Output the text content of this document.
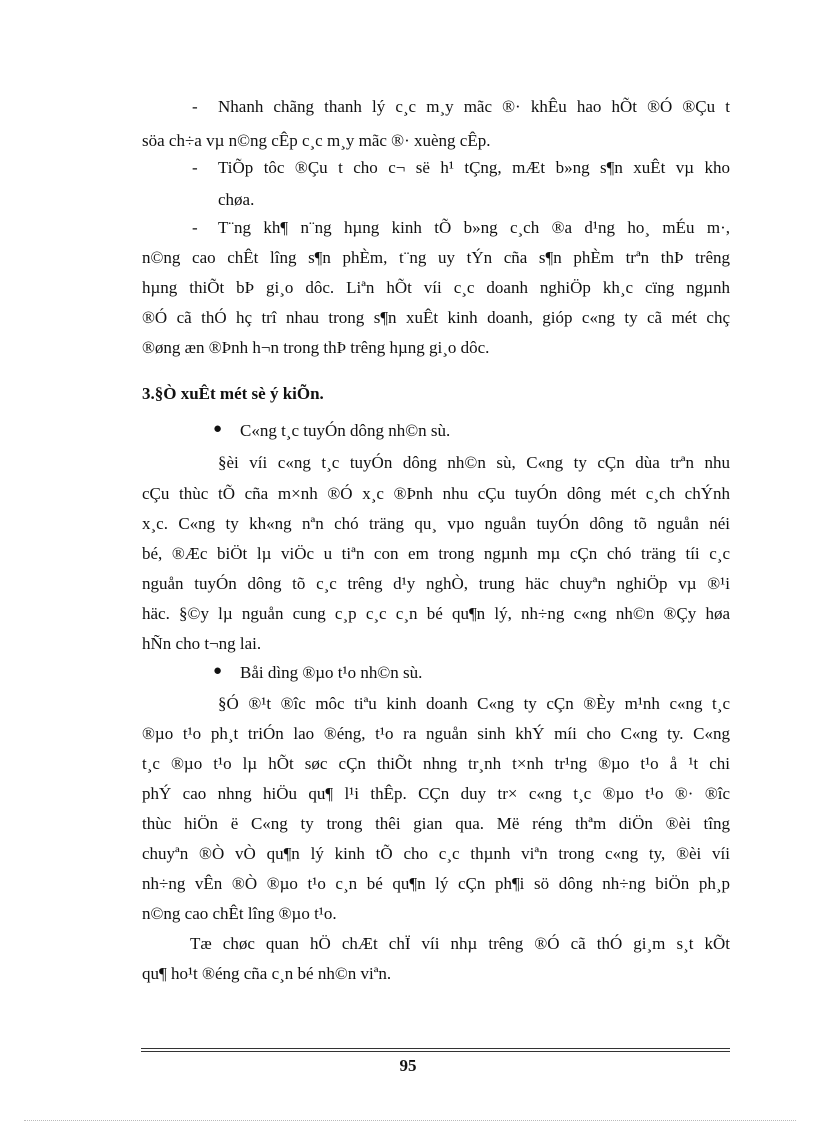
- Nhanh chãng thanh lý c¸c m¸y mãc ®· khÊu hao hÕt ®Ó ®Çu t
söa ch÷a vµ n©ng cÊp c¸c m¸y mãc ®· xuèng cÊp.
- TiÕp tôc ®Çu t cho c¬ së h¹ tÇng, mÆt b»ng s¶n xuÊt vµ kho
chøa.
- T¨ng kh¶ n¨ng hµng kinh tÕ b»ng c¸ch ®a d¹ng ho¸ mÉu m·,
n©ng cao chÊt lîng s¶n phÈm, t¨ng uy tÝn cña s¶n phÈm trªn thÞ trêng
hµng thiÕt bÞ gi¸o dôc. Liªn hÕt víi c¸c doanh nghiÖp kh¸c cïng ngµnh
®Ó cã thÓ hç trî nhau trong s¶n xuÊt kinh doanh, gióp c«ng ty cã mét chç
®øng æn ®Þnh h¬n trong thÞ trêng hµng gi¸o dôc.
3.§Ò xuÊt mét sè ý kiÕn.
● C«ng t¸c tuyÓn dông nh©n sù.
§èi víi c«ng t¸c tuyÓn dông nh©n sù, C«ng ty cÇn dùa trªn nhu
cÇu thùc tÕ cña m×nh ®Ó x¸c ®Þnh nhu cÇu tuyÓn dông mét c¸ch chÝnh
x¸c. C«ng ty kh«ng nªn chó träng qu¸ vµo nguån tuyÓn dông tõ nguån néi
bé, ®Æc biÖt lµ viÖc u tiªn con em trong ngµnh mµ cÇn chó träng tíi c¸c
nguån tuyÓn dông tõ c¸c trêng d¹y nghÒ, trung häc chuyªn nghiÖp vµ ®¹i
häc. §©y lµ nguån cung c¸p c¸c c¸n bé qu¶n lý, nh÷ng c«ng nh©n ®Çy høa
hÑn cho t¬ng lai.
● Båi dìng ®µo t¹o nh©n sù.
§Ó ®¹t ®îc môc tiªu kinh doanh C«ng ty cÇn ®Èy m¹nh c«ng t¸c
®µo t¹o ph¸t triÓn lao ®éng, t¹o ra nguån sinh khÝ míi cho C«ng ty. C«ng
t¸c ®µo t¹o lµ hÕt søc cÇn thiÕt nhng tr¸nh t×nh tr¹ng ®µo t¹o å ¹t chi
phÝ cao nhng hiÖu qu¶ l¹i thÊp. CÇn duy tr× c«ng t¸c ®µo t¹o ®· ®îc
thùc hiÖn ë C«ng ty trong thêi gian qua. Më réng thªm diÖn ®èi tîng
chuyªn ®Ò vÒ qu¶n lý kinh tÕ cho c¸c thµnh viªn trong c«ng ty, ®èi víi
nh÷ng vÊn ®Ò ®µo t¹o c¸n bé qu¶n lý cÇn ph¶i sö dông nh÷ng biÖn ph¸p
n©ng cao chÊt lîng ®µo t¹o.
Tæ chøc quan hÖ chÆt chÏ víi nhµ trêng ®Ó cã thÓ gi¸m s¸t kÕt
qu¶ ho¹t ®éng cña c¸n bé nh©n viªn.
95
